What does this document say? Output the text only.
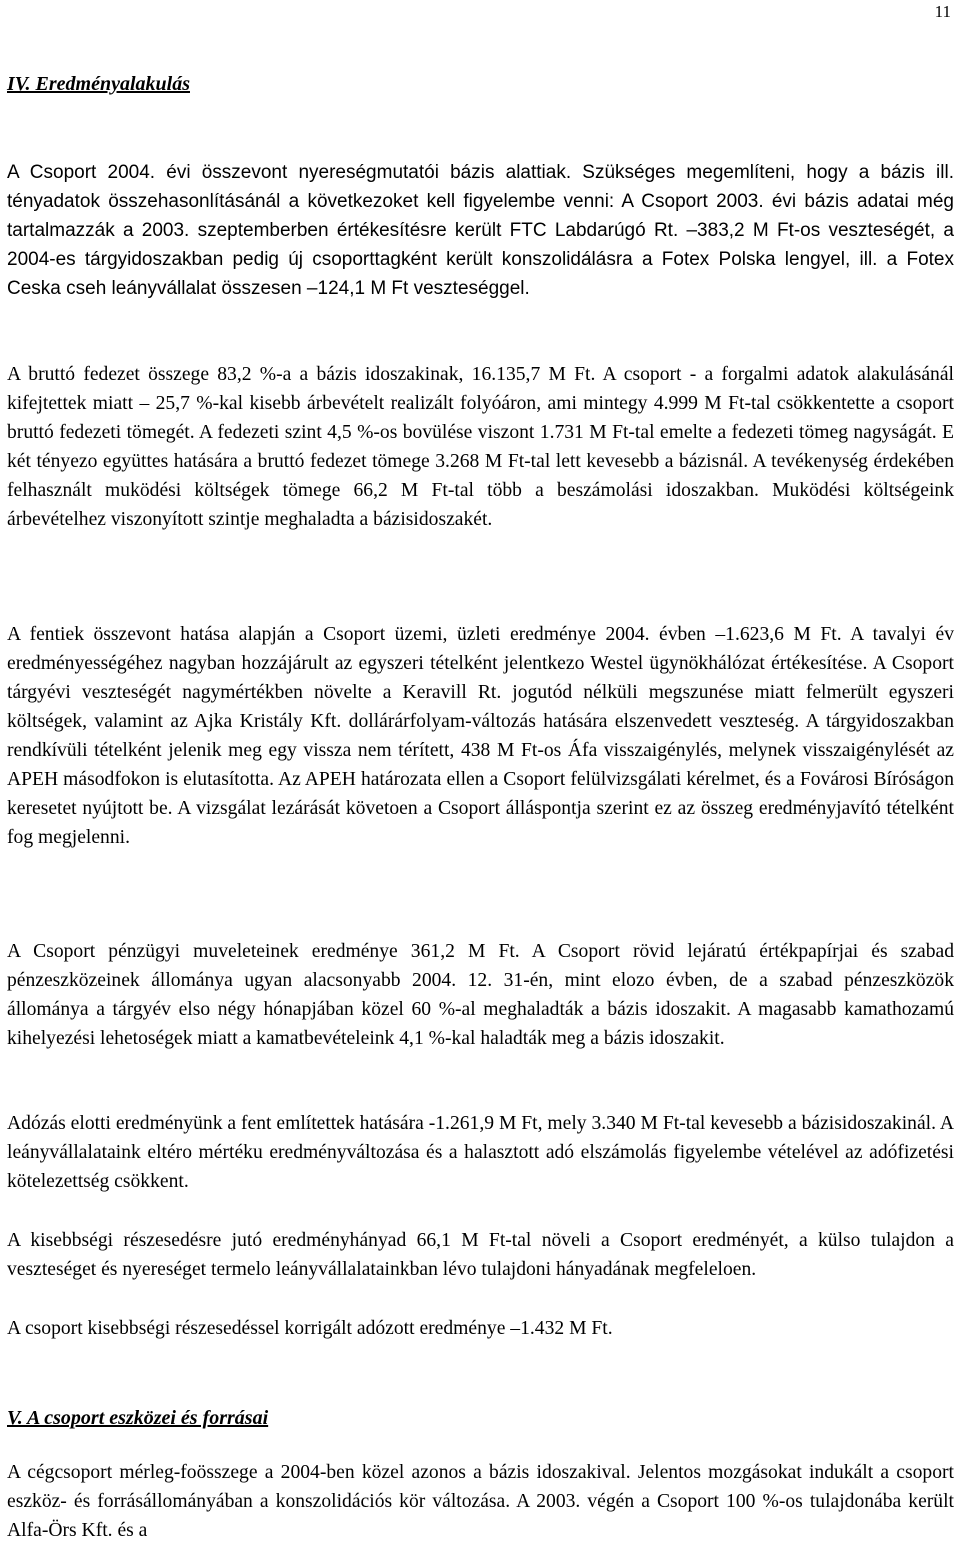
11
IV. Eredményalakulás

A Csoport 2004. évi összevont nyereségmutatói bázis alattiak. Szükséges megemlíteni, hogy a bázis ill. tényadatok összehasonlításánál a következoket kell figyelembe venni: A Csoport 2003. évi bázis adatai még tartalmazzák a 2003. szeptemberben értékesítésre került FTC Labdarúgó Rt. –383,2 M Ft-os veszteségét, a 2004-es tárgyidoszakban pedig új csoporttagként került konszolidálásra a Fotex Polska lengyel, ill. a Fotex Ceska cseh leányvállalat összesen –124,1 M Ft veszteséggel.

A bruttó fedezet összege 83,2 %-a a bázis idoszakinak, 16.135,7 M Ft. A csoport - a forgalmi adatok alakulásánál kifejtettek miatt – 25,7 %-kal kisebb árbevételt realizált folyóáron, ami mintegy 4.999 M Ft-tal csökkentette a csoport bruttó fedezeti tömegét. A fedezeti szint 4,5 %-os bovülése viszont 1.731 M Ft-tal emelte a fedezeti tömeg nagyságát. E két tényezo együttes hatására a bruttó fedezet tömege 3.268 M Ft-tal lett kevesebb a bázisnál. A tevékenység érdekében felhasznált muködési költségek tömege 66,2 M Ft-tal több a beszámolási idoszakban. Muködési költségeink árbevételhez viszonyított szintje meghaladta a bázisidoszakét.

A fentiek összevont hatása alapján a Csoport üzemi, üzleti eredménye 2004. évben –1.623,6 M Ft. A tavalyi év eredményességéhez nagyban hozzájárult az egyszeri tételként jelentkezo Westel ügynökhálózat értékesítése. A Csoport tárgyévi veszteségét nagymértékben növelte a Keravill Rt. jogutód nélküli megszunése miatt felmerült egyszeri költségek, valamint az Ajka Kristály Kft. dollárárfolyam-változás hatására elszenvedett veszteség. A tárgyidoszakban rendkívüli tételként jelenik meg egy vissza nem térített, 438 M Ft-os Áfa visszaigénylés, melynek visszaigénylését az APEH másodfokon is elutasította. Az APEH határozata ellen a Csoport felülvizsgálati kérelmet, és a Fovárosi Bíróságon keresetet nyújtott be. A vizsgálat lezárását követoen a Csoport álláspontja szerint ez az összeg eredményjavító tételként fog megjelenni.

A Csoport pénzügyi muveleteinek eredménye 361,2 M Ft. A Csoport rövid lejáratú értékpapírjai és szabad pénzeszközeinek állománya ugyan alacsonyabb 2004. 12. 31-én, mint elozo évben, de a szabad pénzeszközök állománya a tárgyév elso négy hónapjában közel 60 %-al meghaladták a bázis idoszakit. A magasabb kamathozamú kihelyezési lehetoségek miatt a kamatbevételeink 4,1 %-kal haladták meg a bázis idoszakit.

Adózás elotti eredményünk a fent említettek hatására -1.261,9 M Ft, mely 3.340 M Ft-tal kevesebb a bázisidoszakinál. A leányvállalataink eltéro mértéku eredményváltozása és a halasztott adó elszámolás figyelembe vételével az adófizetési kötelezettség csökkent.

A kisebbségi részesedésre jutó eredményhányad 66,1 M Ft-tal növeli a Csoport eredményét, a külso tulajdon a veszteséget és nyereséget termelo leányvállalatainkban lévo tulajdoni hányadának megfeleloen.

A csoport kisebbségi részesedéssel korrigált adózott eredménye –1.432 M Ft.

V. A csoport eszközei és forrásai

A cégcsoport mérleg-foösszege a 2004-ben közel azonos a bázis idoszakival. Jelentos mozgásokat indukált a csoport eszköz- és forrásállományában a konszolidációs kör változása. A 2003. végén a Csoport 100 %-os tulajdonába került Alfa-Örs Kft. és a
